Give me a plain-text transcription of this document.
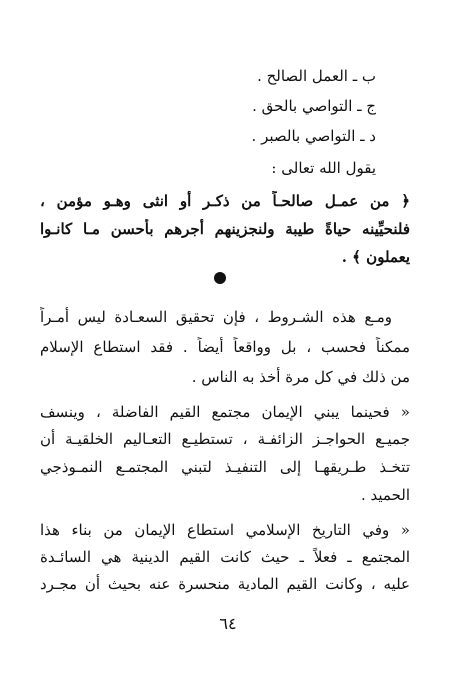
ب ـ العمل الصالح .
ج ـ التواصي بالحق .
د ـ التواصي بالصبر .
يقول الله تعالى :
﴿ من عمـل صالحـاً من ذكـر أو انثى وهـو مؤمن ،
فلنحيِّينه حياةً طيبة ولنجزينهم أجرهم بأحسن مـا كانـوا
يعملون ﴾ .
ومـع هذه الشـروط ، فإن تحقيق السعـادة ليس أمـراً
ممكناً فحسب ، بل وواقعاً أيضاً . فقد استطاع الإسلام
من ذلك في كل مرة أخذ به الناس .
« فحينما يبني الإيمان مجتمع القيم الفاضلة ، وينسف
جميـع الحواجـز الزائفـة ، تستطيـع التعـاليم الخلقيـة أن
تتخـذ طـريقهـا إلى التنفيـذ لتبني المجتمـع النمـوذجي
الحميد .
« وفي التاريخ الإسلامي استطاع الإيمان من بناء هذا
المجتمع ـ فعلاً ـ حيث كانت القيم الدينية هي السائـدة
عليه ، وكانت القيم المادية منحسرة عنه بحيث أن مجـرد
٦٤
